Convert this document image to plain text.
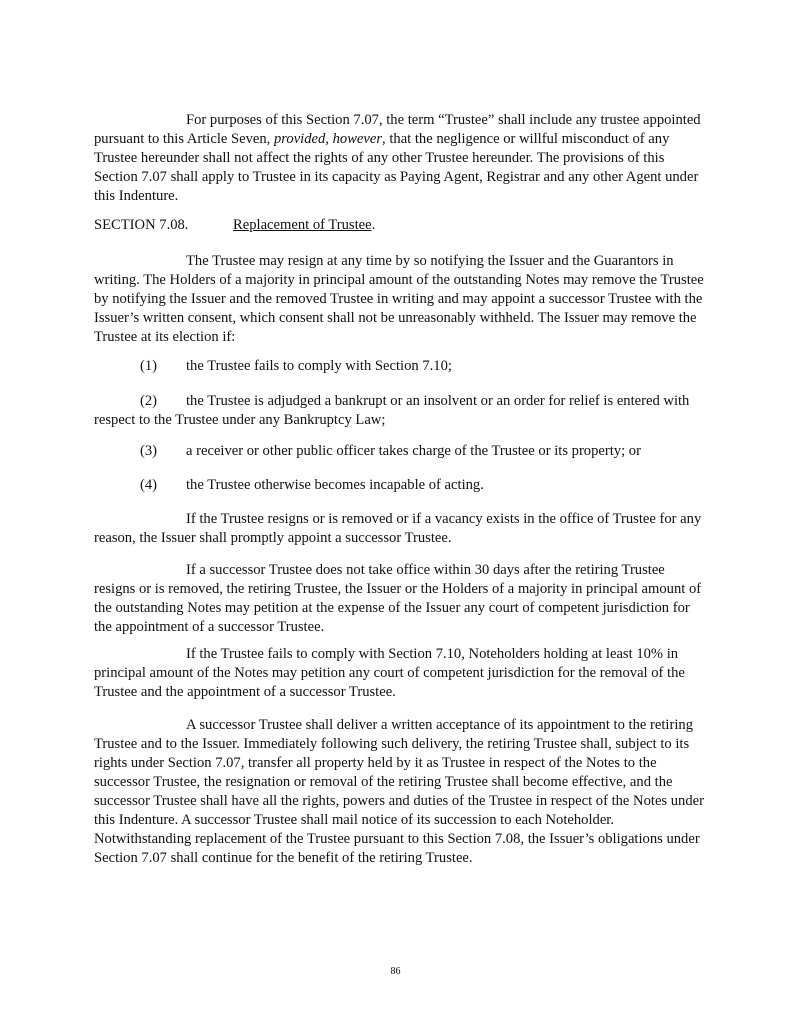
For purposes of this Section 7.07, the term “Trustee” shall include any trustee appointed pursuant to this Article Seven, provided, however, that the negligence or willful misconduct of any Trustee hereunder shall not affect the rights of any other Trustee hereunder. The provisions of this Section 7.07 shall apply to Trustee in its capacity as Paying Agent, Registrar and any other Agent under this Indenture.

SECTION 7.08.	Replacement of Trustee.

The Trustee may resign at any time by so notifying the Issuer and the Guarantors in writing. The Holders of a majority in principal amount of the outstanding Notes may remove the Trustee by notifying the Issuer and the removed Trustee in writing and may appoint a successor Trustee with the Issuer’s written consent, which consent shall not be unreasonably withheld. The Issuer may remove the Trustee at its election if:

(1) the Trustee fails to comply with Section 7.10;

(2) the Trustee is adjudged a bankrupt or an insolvent or an order for relief is entered with respect to the Trustee under any Bankruptcy Law;

(3) a receiver or other public officer takes charge of the Trustee or its property; or

(4) the Trustee otherwise becomes incapable of acting.

If the Trustee resigns or is removed or if a vacancy exists in the office of Trustee for any reason, the Issuer shall promptly appoint a successor Trustee.

If a successor Trustee does not take office within 30 days after the retiring Trustee resigns or is removed, the retiring Trustee, the Issuer or the Holders of a majority in principal amount of the outstanding Notes may petition at the expense of the Issuer any court of competent jurisdiction for the appointment of a successor Trustee.

If the Trustee fails to comply with Section 7.10, Noteholders holding at least 10% in principal amount of the Notes may petition any court of competent jurisdiction for the removal of the Trustee and the appointment of a successor Trustee.

A successor Trustee shall deliver a written acceptance of its appointment to the retiring Trustee and to the Issuer. Immediately following such delivery, the retiring Trustee shall, subject to its rights under Section 7.07, transfer all property held by it as Trustee in respect of the Notes to the successor Trustee, the resignation or removal of the retiring Trustee shall become effective, and the successor Trustee shall have all the rights, powers and duties of the Trustee in respect of the Notes under this Indenture. A successor Trustee shall mail notice of its succession to each Noteholder. Notwithstanding replacement of the Trustee pursuant to this Section 7.08, the Issuer’s obligations under Section 7.07 shall continue for the benefit of the retiring Trustee.

86
